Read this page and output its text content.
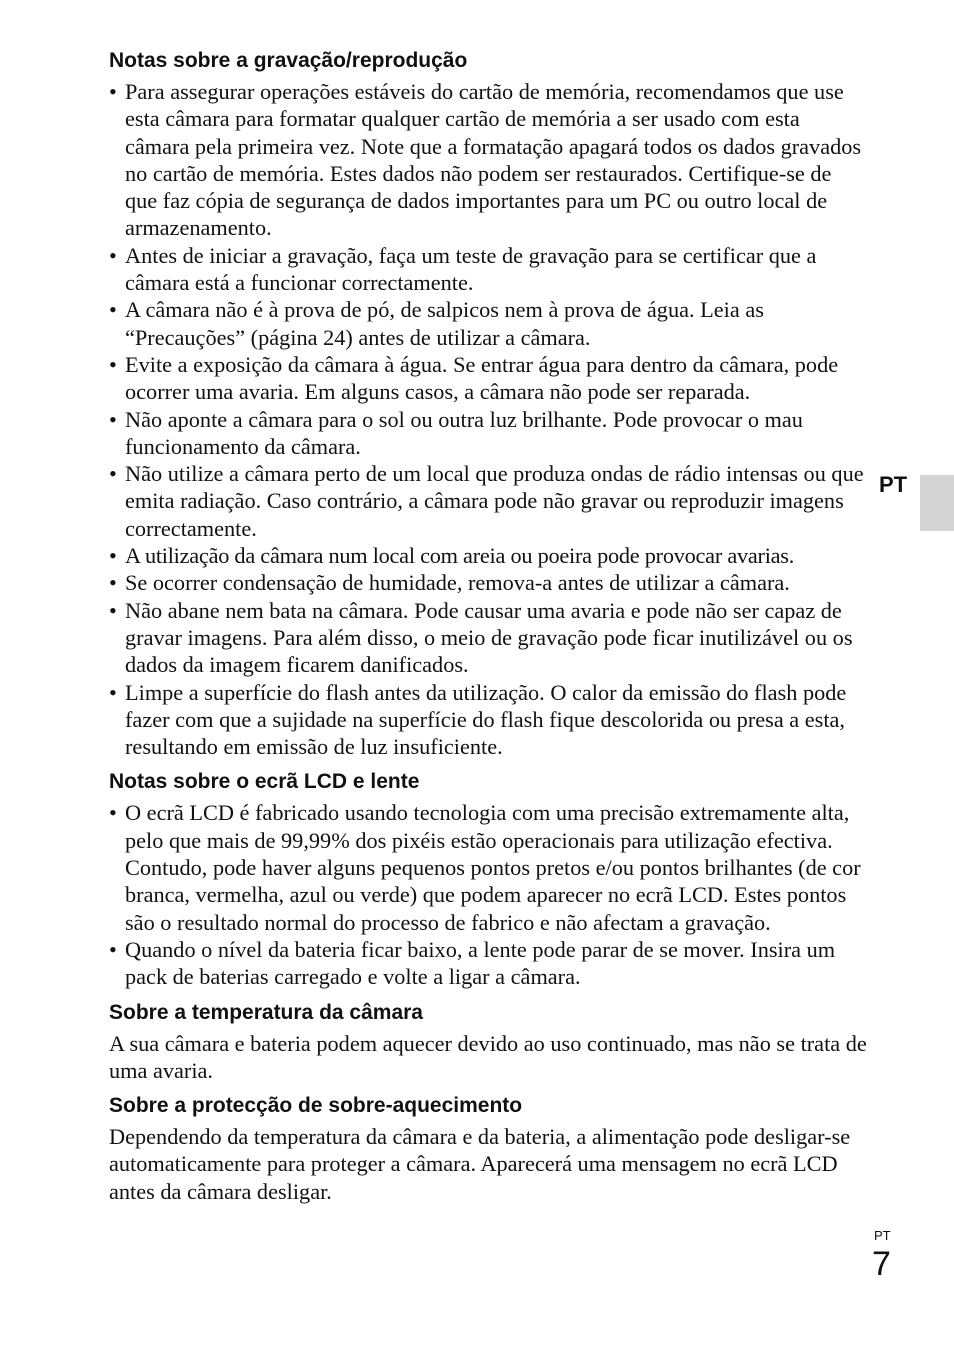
Notas sobre a gravação/reprodução
• Para assegurar operações estáveis do cartão de memória, recomendamos que use esta câmara para formatar qualquer cartão de memória a ser usado com esta câmara pela primeira vez. Note que a formatação apagará todos os dados gravados no cartão de memória. Estes dados não podem ser restaurados. Certifique-se de que faz cópia de segurança de dados importantes para um PC ou outro local de armazenamento.
• Antes de iniciar a gravação, faça um teste de gravação para se certificar que a câmara está a funcionar correctamente.
• A câmara não é à prova de pó, de salpicos nem à prova de água. Leia as “Precauções” (página 24) antes de utilizar a câmara.
• Evite a exposição da câmara à água. Se entrar água para dentro da câmara, pode ocorrer uma avaria. Em alguns casos, a câmara não pode ser reparada.
• Não aponte a câmara para o sol ou outra luz brilhante. Pode provocar o mau funcionamento da câmara.
• Não utilize a câmara perto de um local que produza ondas de rádio intensas ou que emita radiação. Caso contrário, a câmara pode não gravar ou reproduzir imagens correctamente.
• A utilização da câmara num local com areia ou poeira pode provocar avarias.
• Se ocorrer condensação de humidade, remova-a antes de utilizar a câmara.
• Não abane nem bata na câmara. Pode causar uma avaria e pode não ser capaz de gravar imagens. Para além disso, o meio de gravação pode ficar inutilizável ou os dados da imagem ficarem danificados.
• Limpe a superfície do flash antes da utilização. O calor da emissão do flash pode fazer com que a sujidade na superfície do flash fique descolorida ou presa a esta, resultando em emissão de luz insuficiente.
Notas sobre o ecrã LCD e lente
• O ecrã LCD é fabricado usando tecnologia com uma precisão extremamente alta, pelo que mais de 99,99% dos pixéis estão operacionais para utilização efectiva. Contudo, pode haver alguns pequenos pontos pretos e/ou pontos brilhantes (de cor branca, vermelha, azul ou verde) que podem aparecer no ecrã LCD. Estes pontos são o resultado normal do processo de fabrico e não afectam a gravação.
• Quando o nível da bateria ficar baixo, a lente pode parar de se mover. Insira um pack de baterias carregado e volte a ligar a câmara.
Sobre a temperatura da câmara

A sua câmara e bateria podem aquecer devido ao uso continuado, mas não se trata de uma avaria.

Sobre a protecção de sobre-aquecimento

Dependendo da temperatura da câmara e da bateria, a alimentação pode desligar-se automaticamente para proteger a câmara. Aparecerá uma mensagem no ecrã LCD antes da câmara desligar.

PT
PT
7
